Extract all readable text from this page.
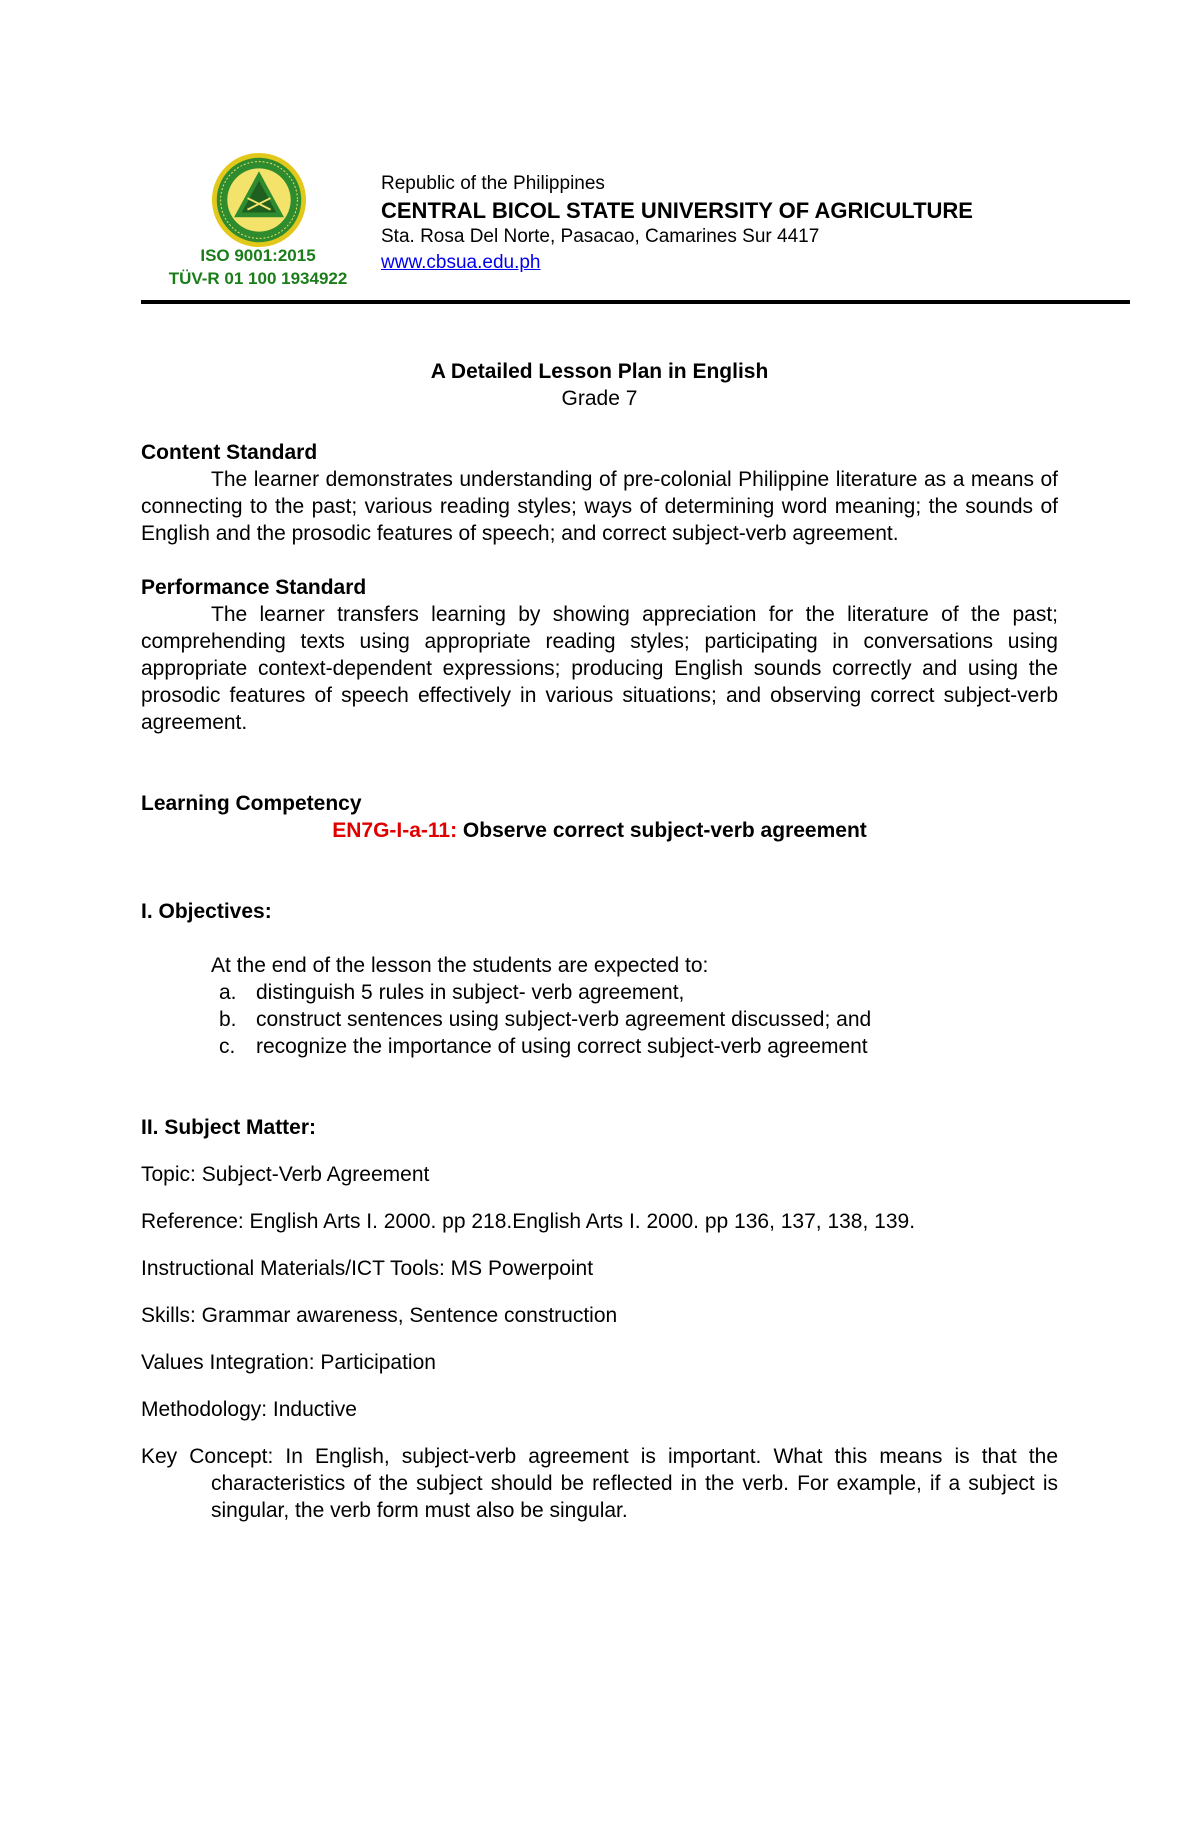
ISO 9001:2015
TÜV-R 01 100 1934922
Republic of the Philippines
CENTRAL BICOL STATE UNIVERSITY OF AGRICULTURE
Sta. Rosa Del Norte, Pasacao, Camarines Sur 4417
www.cbsua.edu.ph

A Detailed Lesson Plan in English

Grade 7

Content Standard

The learner demonstrates understanding of pre-colonial Philippine literature as a means of connecting to the past; various reading styles; ways of determining word meaning; the sounds of English and the prosodic features of speech; and correct subject-verb agreement.

Performance Standard

The learner transfers learning by showing appreciation for the literature of the past; comprehending texts using appropriate reading styles; participating in conversations using appropriate context-dependent expressions; producing English sounds correctly and using the prosodic features of speech effectively in various situations; and observing correct subject-verb agreement.

Learning Competency

EN7G-I-a-11: Observe correct subject-verb agreement

I. Objectives:

At the end of the lesson the students are expected to:

a. distinguish 5 rules in subject- verb agreement,
b. construct sentences using subject-verb agreement discussed; and
c. recognize the importance of using correct subject-verb agreement

II. Subject Matter:

Topic: Subject-Verb Agreement

Reference: English Arts I. 2000. pp 218.English Arts I. 2000. pp 136, 137, 138, 139.

Instructional Materials/ICT Tools: MS Powerpoint

Skills: Grammar awareness, Sentence construction

Values Integration: Participation

Methodology: Inductive

Key Concept: In English, subject-verb agreement is important. What this means is that the characteristics of the subject should be reflected in the verb. For example, if a subject is singular, the verb form must also be singular.
